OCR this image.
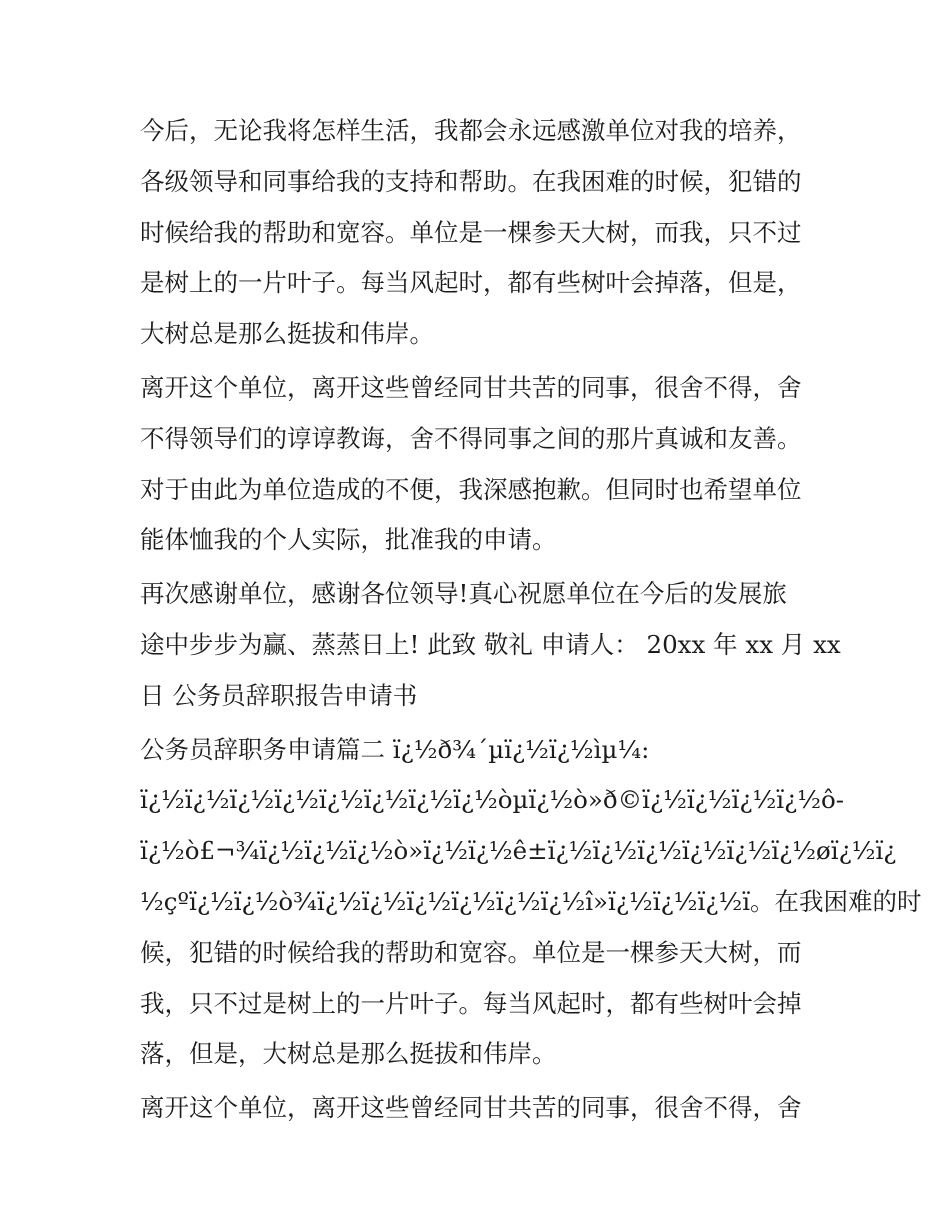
今后，无论我将怎样生活，我都会永远感激单位对我的培养，
各级领导和同事给我的支持和帮助。在我困难的时候，犯错的
时候给我的帮助和宽容。单位是一棵参天大树，而我，只不过
是树上的一片叶子。每当风起时，都有些树叶会掉落，但是，
大树总是那么挺拔和伟岸。
离开这个单位，离开这些曾经同甘共苦的同事，很舍不得，舍
不得领导们的谆谆教诲，舍不得同事之间的那片真诚和友善。
对于由此为单位造成的不便，我深感抱歉。但同时也希望单位
能体恤我的个人实际，批准我的申请。
再次感谢单位，感谢各位领导!真心祝愿单位在今后的发展旅
途中步步为赢、蒸蒸日上! 此致 敬礼 申请人： 20xx 年 xx 月 xx
日 公务员辞职报告申请书
公务员辞职务申请篇二 ï¿½ð¾´µï¿½ï¿½ìµ¼:
ï¿½ï¿½ï¿½ï¿½ï¿½ï¿½ï¿½ï¿½òµï¿½ò»ð©ï¿½ï¿½ï¿½ï¿½ô-
ï¿½ò£¬¾ï¿½ï¿½ï¿½ò»ï¿½ï¿½ê±ï¿½ï¿½ï¿½ï¿½ï¿½ï¿½øï¿½ï¿
½çºï¿½ï¿½ò¾ï¿½ï¿½ï¿½ï¿½ï¿½ï¿½î»ï¿½ï¿½ï¿½ï。在我困难的时
候，犯错的时候给我的帮助和宽容。单位是一棵参天大树，而
我，只不过是树上的一片叶子。每当风起时，都有些树叶会掉
落，但是，大树总是那么挺拔和伟岸。
离开这个单位，离开这些曾经同甘共苦的同事，很舍不得，舍
